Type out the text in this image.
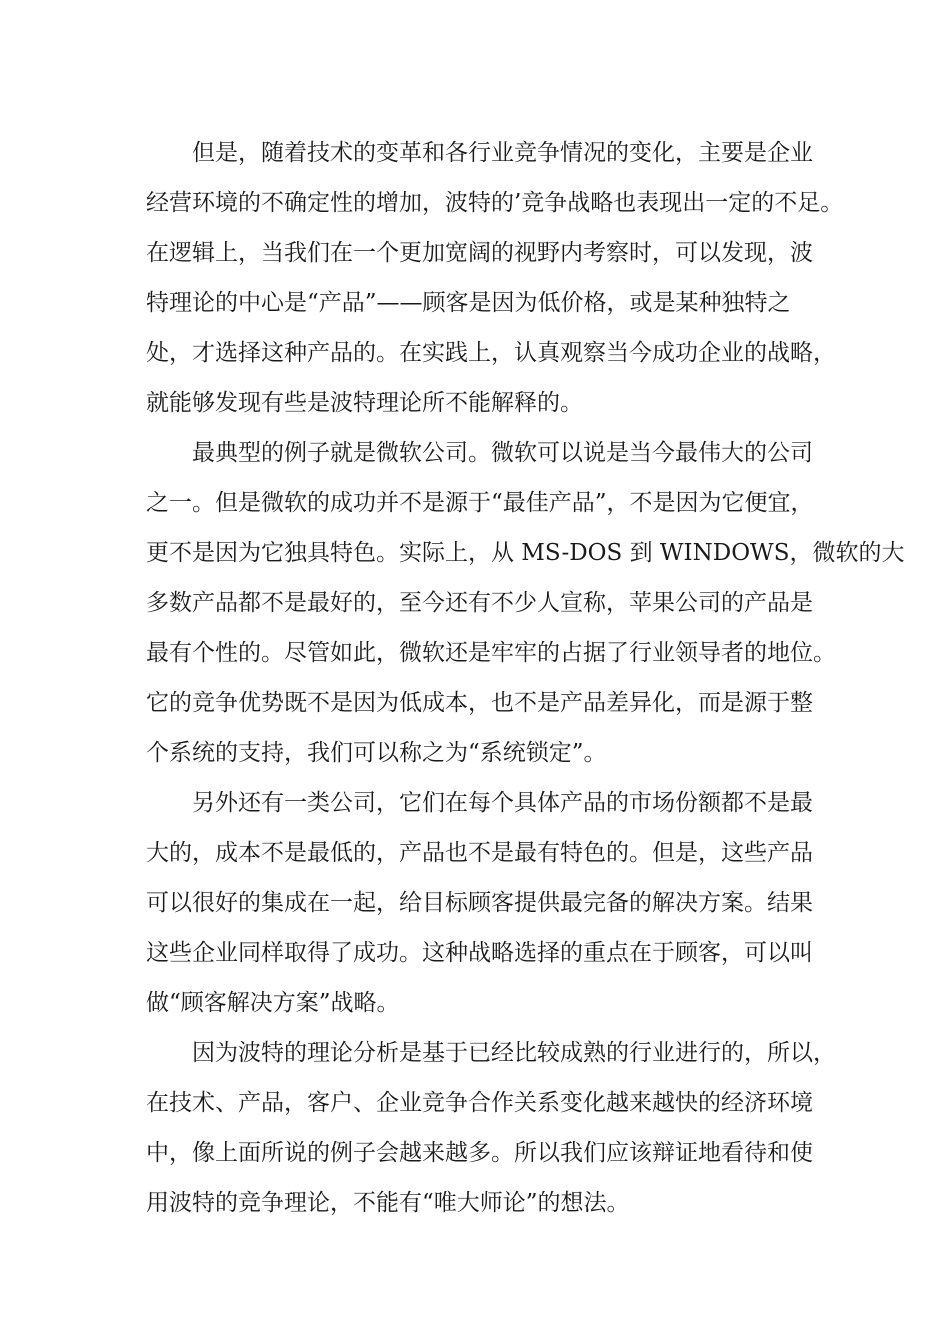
但是，随着技术的变革和各行业竞争情况的变化，主要是企业
经营环境的不确定性的增加，波特的’竞争战略也表现出一定的不足。
在逻辑上，当我们在一个更加宽阔的视野内考察时，可以发现，波
特理论的中心是“产品”——顾客是因为低价格，或是某种独特之
处，才选择这种产品的。在实践上，认真观察当今成功企业的战略，
就能够发现有些是波特理论所不能解释的。
最典型的例子就是微软公司。微软可以说是当今最伟大的公司
之一。但是微软的成功并不是源于“最佳产品”，不是因为它便宜，
更不是因为它独具特色。实际上，从 MS-DOS 到 WINDOWS，微软的大
多数产品都不是最好的，至今还有不少人宣称，苹果公司的产品是
最有个性的。尽管如此，微软还是牢牢的占据了行业领导者的地位。
它的竞争优势既不是因为低成本，也不是产品差异化，而是源于整
个系统的支持，我们可以称之为“系统锁定”。
另外还有一类公司，它们在每个具体产品的市场份额都不是最
大的，成本不是最低的，产品也不是最有特色的。但是，这些产品
可以很好的集成在一起，给目标顾客提供最完备的解决方案。结果
这些企业同样取得了成功。这种战略选择的重点在于顾客，可以叫
做“顾客解决方案”战略。
因为波特的理论分析是基于已经比较成熟的行业进行的，所以，
在技术、产品，客户、企业竞争合作关系变化越来越快的经济环境
中，像上面所说的例子会越来越多。所以我们应该辩证地看待和使
用波特的竞争理论，不能有“唯大师论”的想法。
